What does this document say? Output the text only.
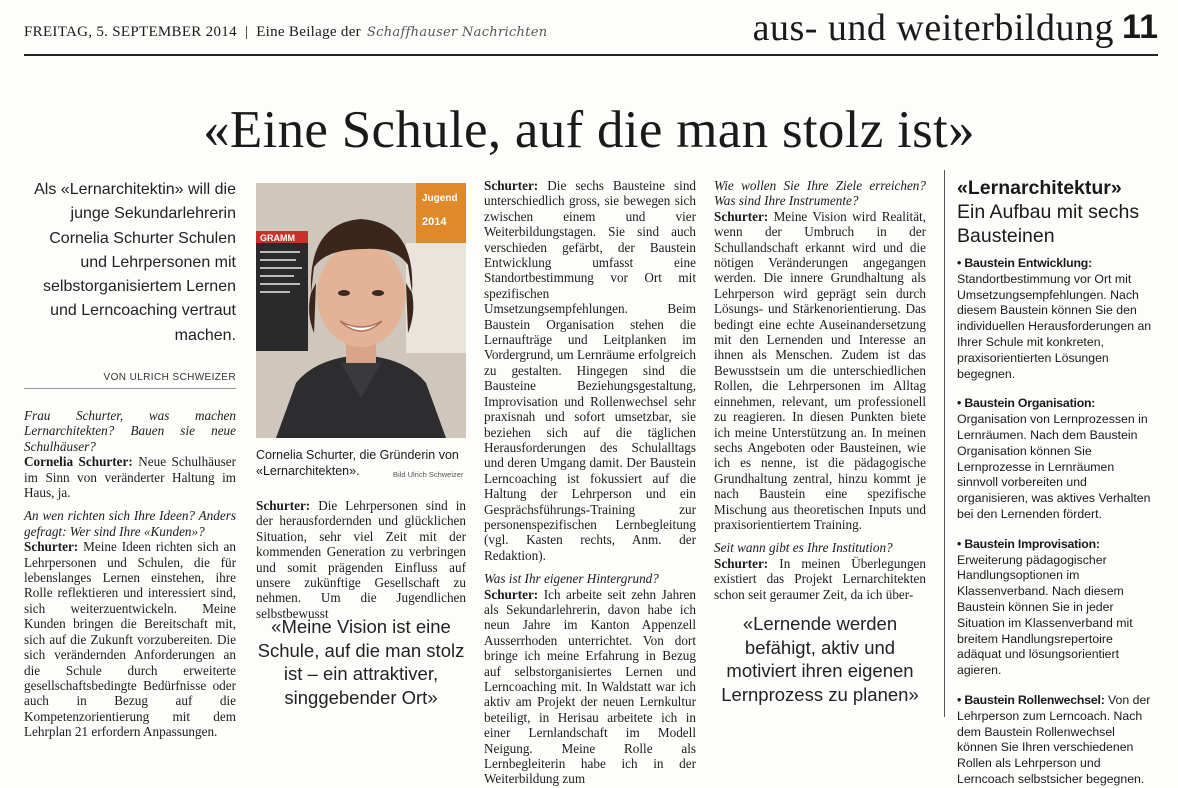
FREITAG, 5. SEPTEMBER 2014 | Eine Beilage der Schaffhauser Nachrichten	aus- und weiterbildung 11
«Eine Schule, auf die man stolz ist»
Als «Lernarchitektin» will die junge Sekundarlehrerin Cornelia Schurter Schulen und Lehrpersonen mit selbstorganisiertem Lernen und Lerncoaching vertraut machen.
VON ULRICH SCHWEIZER

Frau Schurter, was machen Lernarchitekten? Bauen sie neue Schulhäuser?
Cornelia Schurter: Neue Schulhäuser im Sinn von veränderter Haltung im Haus, ja.

An wen richten sich Ihre Ideen? Anders gefragt: Wer sind Ihre «Kunden»?
Schurter: Meine Ideen richten sich an Lehrpersonen und Schulen, die für lebenslanges Lernen einstehen, ihre Rolle reflektieren und interessiert sind, sich weiterzuentwickeln. Meine Kunden bringen die Bereitschaft mit, sich auf die Zukunft vorzubereiten. Die sich verändernden Anforderungen an die Schule durch erweiterte gesellschaftsbedingte Bedürfnisse oder auch in Bezug auf die Kompetenzorientierung mit dem Lehrplan 21 erfordern Anpassungen.

GRAMM
Jugend
2014
Cornelia Schurter, die Gründerin von «Lernarchitekten».	Bild Ulrich Schweizer

Schurter: Die Lehrpersonen sind in der herausfordernden und glücklichen Situation, sehr viel Zeit mit der kommenden Generation zu verbringen und somit prägenden Einfluss auf unsere zukünftige Gesellschaft zu nehmen. Um die Jugendlichen selbstbewusst

«Meine Vision ist eine Schule, auf die man stolz ist – ein attraktiver, singgebender Ort»

Schurter: Die sechs Bausteine sind unterschiedlich gross, sie bewegen sich zwischen einem und vier Weiterbildungstagen. Sie sind auch verschieden gefärbt, der Baustein Entwicklung umfasst eine Standortbestimmung vor Ort mit spezifischen Umsetzungsempfehlungen. Beim Baustein Organisation stehen die Lernaufträge und Leitplanken im Vordergrund, um Lernräume erfolgreich zu gestalten. Hingegen sind die Bausteine Beziehungsgestaltung, Improvisation und Rollenwechsel sehr praxisnah und sofort umsetzbar, sie beziehen sich auf die täglichen Herausforderungen des Schulalltags und deren Umgang damit. Der Baustein Lerncoaching ist fokussiert auf die Haltung der Lehrperson und ein Gesprächsführungs-Training zur personenspezifischen Lernbegleitung (vgl. Kasten rechts, Anm. der Redaktion).

Was ist Ihr eigener Hintergrund?
Schurter: Ich arbeite seit zehn Jahren als Sekundarlehrerin, davon habe ich neun Jahre im Kanton Appenzell Ausserrhoden unterrichtet. Von dort bringe ich meine Erfahrung in Bezug auf selbstorganisiertes Lernen und Lerncoaching mit. In Waldstatt war ich aktiv am Projekt der neuen Lernkultur beteiligt, in Herisau arbeitete ich in einer Lernlandschaft im Modell Neigung. Meine Rolle als Lernbegleiterin habe ich in der Weiterbildung zum

Wie wollen Sie Ihre Ziele erreichen? Was sind Ihre Instrumente?
Schurter: Meine Vision wird Realität, wenn der Umbruch in der Schullandschaft erkannt wird und die nötigen Veränderungen angegangen werden. Die innere Grundhaltung als Lehrperson wird geprägt sein durch Lösungs- und Stärkenorientierung. Das bedingt eine echte Auseinandersetzung mit den Lernenden und Interesse an ihnen als Menschen. Zudem ist das Bewusstsein um die unterschiedlichen Rollen, die Lehrpersonen im Alltag einnehmen, relevant, um professionell zu reagieren. In diesen Punkten biete ich meine Unterstützung an. In meinen sechs Angeboten oder Bausteinen, wie ich es nenne, ist die pädagogische Grundhaltung zentral, hinzu kommt je nach Baustein eine spezifische Mischung aus theoretischen Inputs und praxisorientiertem Training.

Seit wann gibt es Ihre Institution?
Schurter: In meinen Überlegungen existiert das Projekt Lernarchitekten schon seit geraumer Zeit, da ich über-

«Lernende werden befähigt, aktiv und motiviert ihren eigenen Lernprozess zu planen»
«Lernarchitektur»
Ein Aufbau mit sechs Bausteinen
• Baustein Entwicklung: Standortbestimmung vor Ort mit Umsetzungsempfehlungen. Nach diesem Baustein können Sie den individuellen Herausforderungen an Ihrer Schule mit konkreten, praxisorientierten Lösungen begegnen.
• Baustein Organisation: Organisation von Lernprozessen in Lernräumen. Nach dem Baustein Organisation können Sie Lernprozesse in Lernräumen sinnvoll vorbereiten und organisieren, was aktives Verhalten bei den Lernenden fördert.
• Baustein Improvisation: Erweiterung pädagogischer Handlungsoptionen im Klassenverband. Nach diesem Baustein können Sie in jeder Situation im Klassenverband mit breitem Handlungsrepertoire adäquat und lösungsorientiert agieren.
• Baustein Rollenwechsel: Von der Lehrperson zum Lerncoach. Nach dem Baustein Rollenwechsel können Sie Ihren verschiedenen Rollen als Lehrperson und Lerncoach selbstsicher begegnen.
